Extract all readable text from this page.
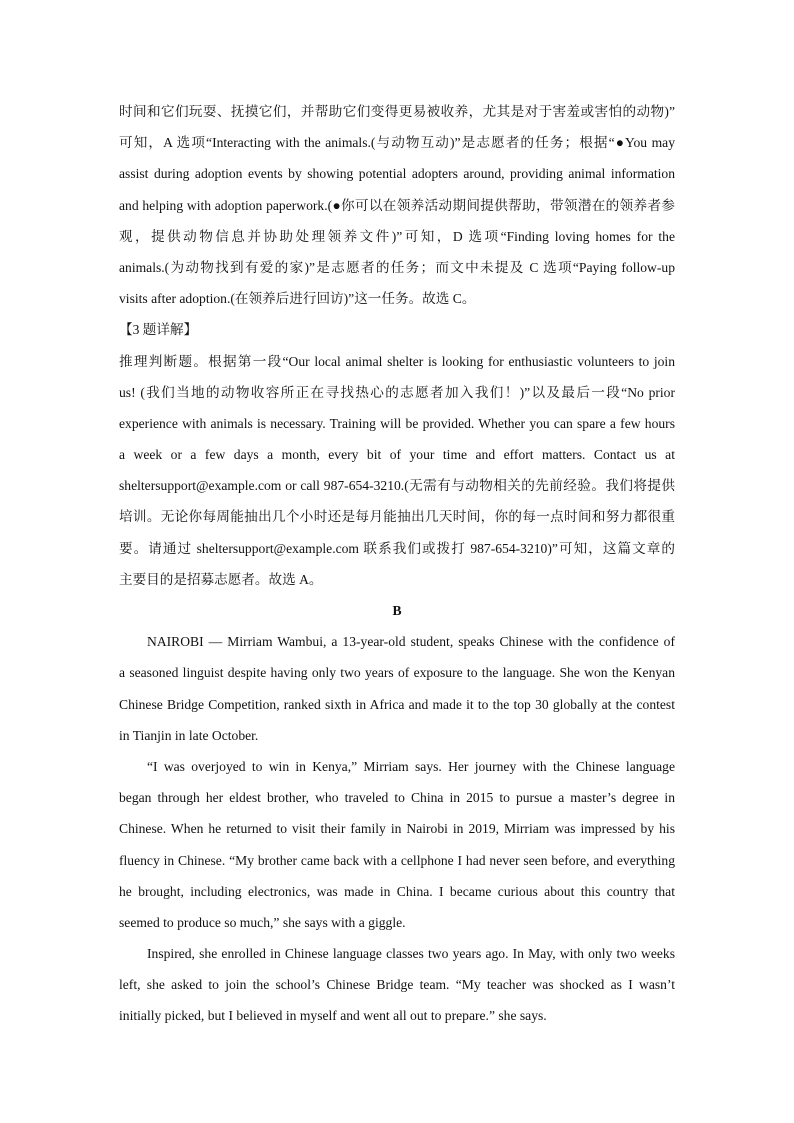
时间和它们玩耍、抚摸它们，并帮助它们变得更易被收养，尤其是对于害羞或害怕的动物)”
可知，A 选项“Interacting with the animals.(与动物互动)”是志愿者的任务；根据“●You may
assist during adoption events by showing potential adopters around, providing animal information
and helping with adoption paperwork.(●你可以在领养活动期间提供帮助，带领潜在的领养者参
观，提供动物信息并协助处理领养文件)”可知，D 选项“Finding loving homes for the
animals.(为动物找到有爱的家)”是志愿者的任务；而文中未提及 C 选项“Paying follow-up
visits after adoption.(在领养后进行回访)”这一任务。故选 C。
【3 题详解】
推理判断题。根据第一段“Our local animal shelter is looking for enthusiastic volunteers to join
us! (我们当地的动物收容所正在寻找热心的志愿者加入我们！)”以及最后一段“No prior
experience with animals is necessary. Training will be provided. Whether you can spare a few hours
a week or a few days a month, every bit of your time and effort matters. Contact us at
sheltersupport@example.com or call 987-654-3210.(无需有与动物相关的先前经验。我们将提供
培训。无论你每周能抽出几个小时还是每月能抽出几天时间，你的每一点时间和努力都很重
要。请通过 sheltersupport@example.com 联系我们或拨打 987-654-3210)”可知，这篇文章的
主要目的是招募志愿者。故选 A。
B
NAIROBI — Mirriam Wambui, a 13-year-old student, speaks Chinese with the confidence of
a seasoned linguist despite having only two years of exposure to the language. She won the Kenyan
Chinese Bridge Competition, ranked sixth in Africa and made it to the top 30 globally at the contest
in Tianjin in late October.
“I was overjoyed to win in Kenya,” Mirriam says. Her journey with the Chinese language
began through her eldest brother, who traveled to China in 2015 to pursue a master’s degree in
Chinese. When he returned to visit their family in Nairobi in 2019, Mirriam was impressed by his
fluency in Chinese. “My brother came back with a cellphone I had never seen before, and everything
he brought, including electronics, was made in China. I became curious about this country that
seemed to produce so much,” she says with a giggle.
Inspired, she enrolled in Chinese language classes two years ago. In May, with only two weeks
left, she asked to join the school’s Chinese Bridge team. “My teacher was shocked as I wasn’t
initially picked, but I believed in myself and went all out to prepare.” she says.
